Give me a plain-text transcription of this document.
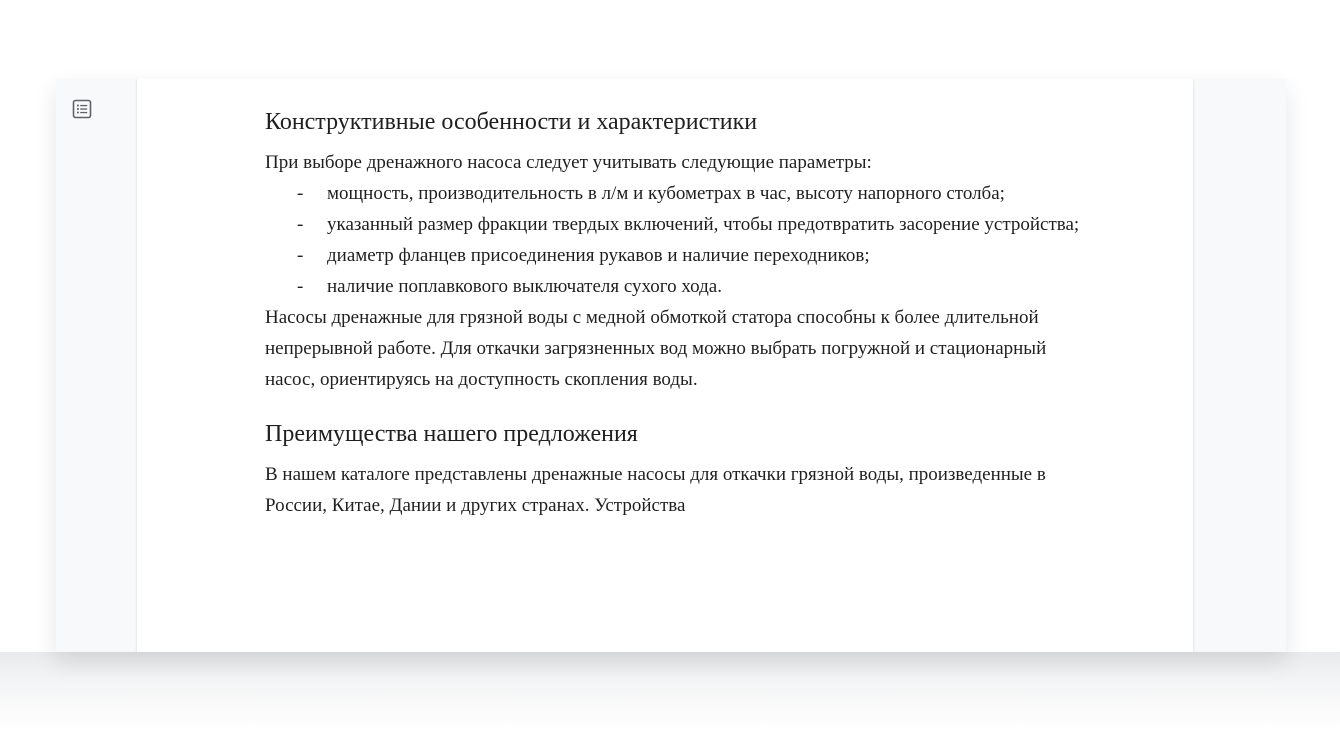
Конструктивные особенности и характеристики

При выборе дренажного насоса следует учитывать следующие параметры:

- мощность, производительность в л/м и кубометрах в час, высоту напорного столба;
- указанный размер фракции твердых включений, чтобы предотвратить засорение устройства;
- диаметр фланцев присоединения рукавов и наличие переходников;
- наличие поплавкового выключателя сухого хода.

Насосы дренажные для грязной воды с медной обмоткой статора способны к более длительной непрерывной работе. Для откачки загрязненных вод можно выбрать погружной и стационарный насос, ориентируясь на доступность скопления воды.

Преимущества нашего предложения

В нашем каталоге представлены дренажные насосы для откачки грязной воды, произведенные в России, Китае, Дании и других странах. Устройства
